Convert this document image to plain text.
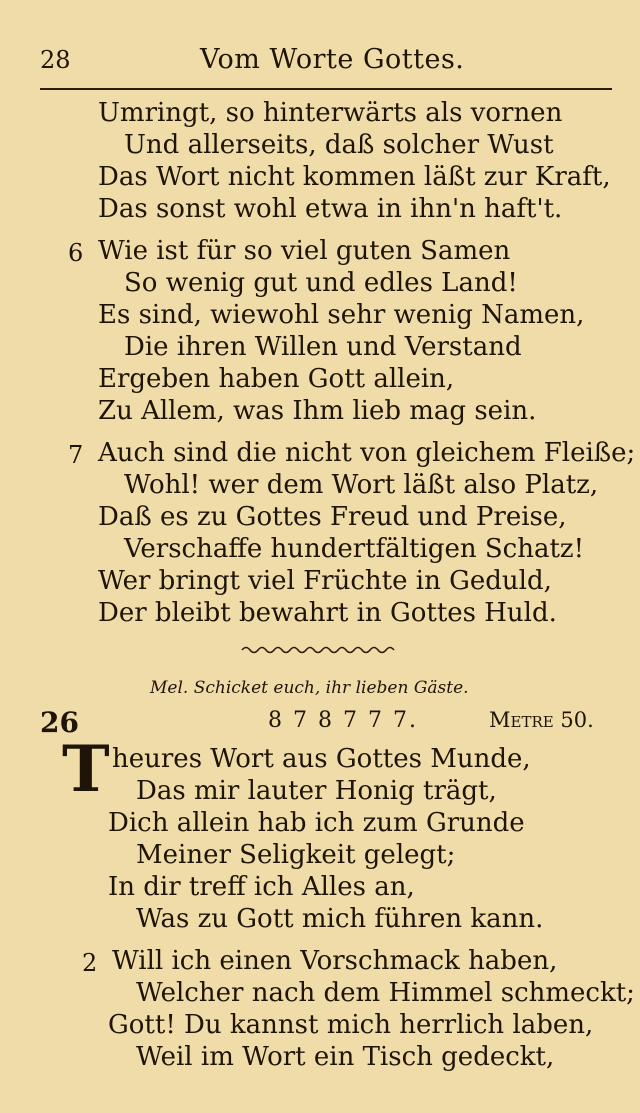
28	Vom Worte Gottes.
Umringt, so hinterwärts als vornen
Und allerseits, daß solcher Wust
Das Wort nicht kommen läßt zur Kraft,
Das sonst wohl etwa in ihn'n haft't.
6 Wie ist für so viel guten Samen
So wenig gut und edles Land!
Es sind, wiewohl sehr wenig Namen,
Die ihren Willen und Verstand
Ergeben haben Gott allein,
Zu Allem, was Ihm lieb mag sein.
7 Auch sind die nicht von gleichem Fleiße;
Wohl! wer dem Wort läßt also Platz,
Daß es zu Gottes Freud und Preise,
Verschaffe hundertfältigen Schatz!
Wer bringt viel Früchte in Geduld,
Der bleibt bewahrt in Gottes Huld.
Mel. Schicket euch, ihr lieben Gäste.
26	8 7 8 7 7 7.	Metre 50.
T heures Wort aus Gottes Munde,
Das mir lauter Honig trägt,
Dich allein hab ich zum Grunde
Meiner Seligkeit gelegt;
In dir treff ich Alles an,
Was zu Gott mich führen kann.
2 Will ich einen Vorschmack haben,
Welcher nach dem Himmel schmeckt;
Gott! Du kannst mich herrlich laben,
Weil im Wort ein Tisch gedeckt,
